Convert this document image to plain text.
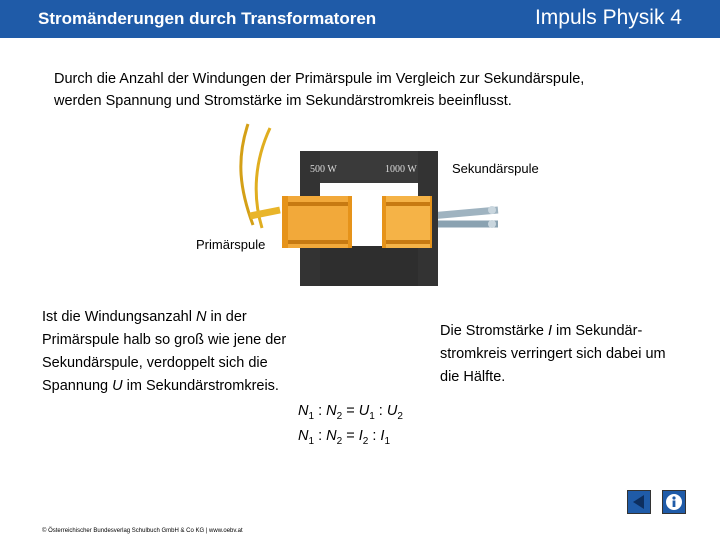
Stromänderungen durch Transformatoren	Impuls Physik 4
Durch die Anzahl der Windungen der Primärspule im Vergleich zur Sekundärspule,
werden Spannung und Stromstärke im Sekundärstromkreis beeinflusst.
500 W	1000 W	Sekundärspule
Primärspule
Ist die Windungsanzahl N in der
Primärspule halb so groß wie jene der
Sekundärspule, verdoppelt sich die
Spannung U im Sekundärstromkreis.
Die Stromstärke I im Sekundär-
stromkreis verringert sich dabei um
die Hälfte.
$N_1$ : $N_2 = U_1$ : $U_2$
$N_1$ : $N_2 = I_2$ : $I_1$
© Österreichischer Bundesverlag Schulbuch GmbH & Co KG | www.oebv.at
